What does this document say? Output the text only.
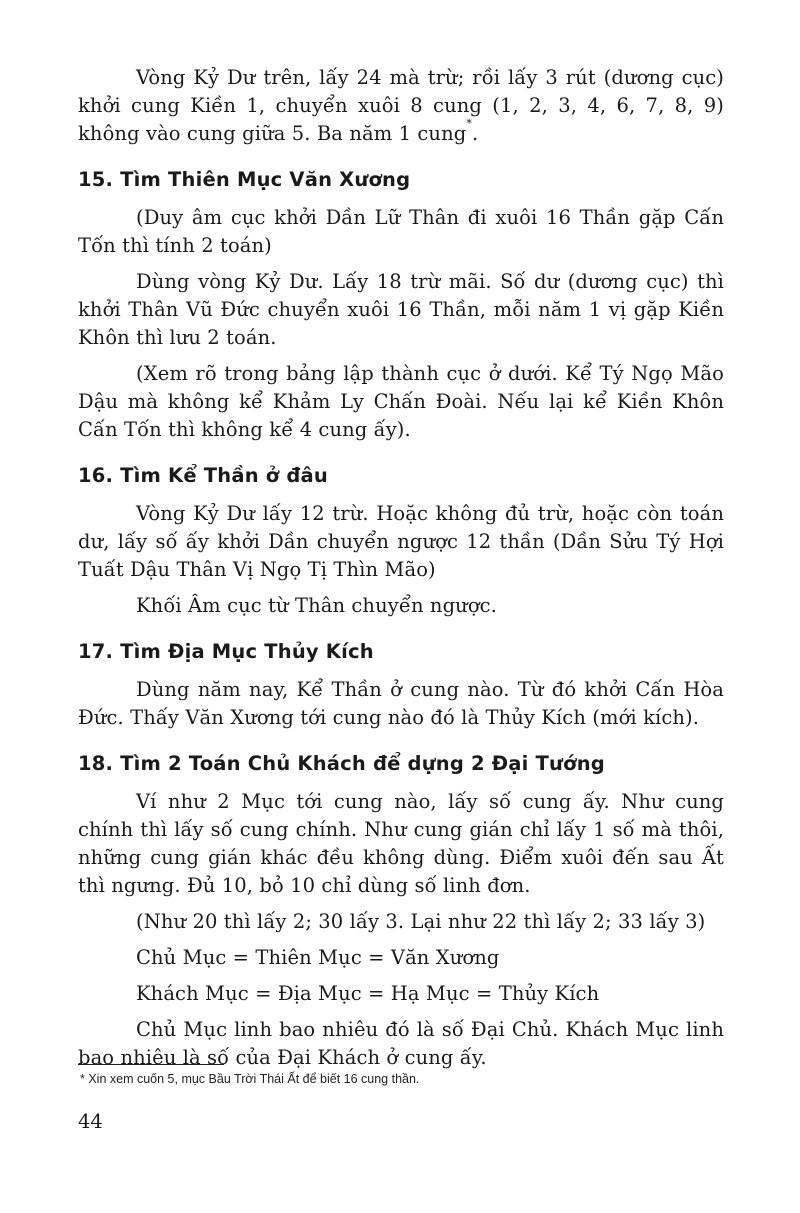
Vòng Kỷ Dư trên, lấy 24 mà trừ; rồi lấy 3 rút (dương cục) khởi cung Kiền 1, chuyển xuôi 8 cung (1, 2, 3, 4, 6, 7, 8, 9) không vào cung giữa 5. Ba năm 1 cung*.

15. Tìm Thiên Mục Văn Xương

(Duy âm cục khởi Dần Lữ Thân đi xuôi 16 Thần gặp Cấn Tốn thì tính 2 toán)

Dùng vòng Kỷ Dư. Lấy 18 trừ mãi. Số dư (dương cục) thì khởi Thân Vũ Đức chuyển xuôi 16 Thần, mỗi năm 1 vị gặp Kiền Khôn thì lưu 2 toán.

(Xem rõ trong bảng lập thành cục ở dưới. Kể Tý Ngọ Mão Dậu mà không kể Khảm Ly Chấn Đoài. Nếu lại kể Kiền Khôn Cấn Tốn thì không kể 4 cung ấy).

16. Tìm Kể Thần ở đâu

Vòng Kỷ Dư lấy 12 trừ. Hoặc không đủ trừ, hoặc còn toán dư, lấy số ấy khởi Dần chuyển ngược 12 thần (Dần Sửu Tý Hợi Tuất Dậu Thân Vị Ngọ Tị Thìn Mão)

Khối Âm cục từ Thân chuyển ngược.

17. Tìm Địa Mục Thủy Kích

Dùng năm nay, Kể Thần ở cung nào. Từ đó khởi Cấn Hòa Đức. Thấy Văn Xương tới cung nào đó là Thủy Kích (mới kích).

18. Tìm 2 Toán Chủ Khách để dựng 2 Đại Tướng

Ví như 2 Mục tới cung nào, lấy số cung ấy. Như cung chính thì lấy số cung chính. Như cung gián chỉ lấy 1 số mà thôi, những cung gián khác đều không dùng. Điểm xuôi đến sau Ất thì ngưng. Đủ 10, bỏ 10 chỉ dùng số linh đơn.

(Như 20 thì lấy 2; 30 lấy 3. Lại như 22 thì lấy 2; 33 lấy 3)

Chủ Mục = Thiên Mục = Văn Xương

Khách Mục = Địa Mục = Hạ Mục = Thủy Kích

Chủ Mục linh bao nhiêu đó là số Đại Chủ. Khách Mục linh bao nhiêu là số của Đại Khách ở cung ấy.

* Xin xem cuốn 5, mục Bầu Trời Thái Ất để biết 16 cung thần.
44
